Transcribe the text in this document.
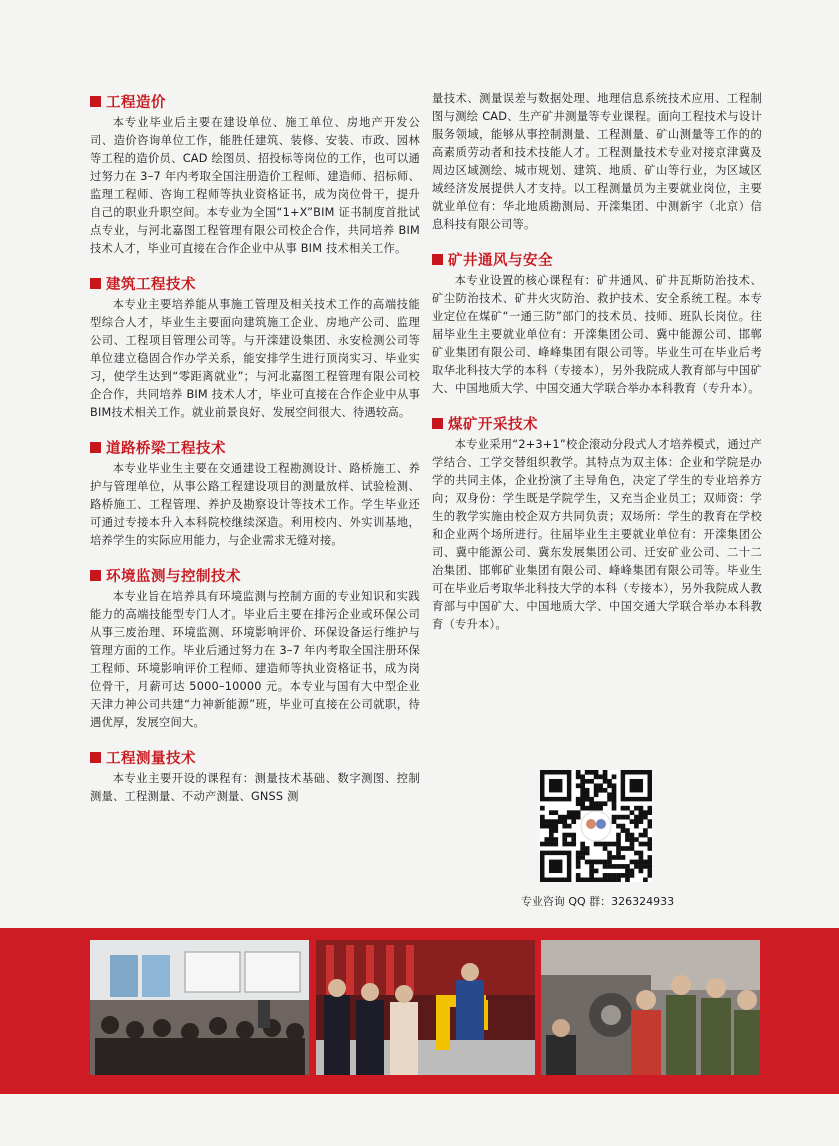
工程造价

本专业毕业后主要在建设单位、施工单位、房地产开发公司、造价咨询单位工作，能胜任建筑、装修、安装、市政、园林等工程的造价员、CAD 绘图员、招投标等岗位的工作，也可以通过努力在 3–7 年内考取全国注册造价工程师、建造师、招标师、监理工程师、咨询工程师等执业资格证书，成为岗位骨干，提升自己的职业升职空间。本专业为全国“1+X”BIM 证书制度首批试点专业，与河北嘉图工程管理有限公司校企合作，共同培养 BIM 技术人才，毕业可直接在合作企业中从事 BIM 技术相关工作。

建筑工程技术

本专业主要培养能从事施工管理及相关技术工作的高端技能型综合人才，毕业生主要面向建筑施工企业、房地产公司、监理公司、工程项目管理公司等。与开滦建设集团、永安检测公司等单位建立稳固合作办学关系，能安排学生进行顶岗实习、毕业实习，使学生达到“零距离就业”；与河北嘉图工程管理有限公司校企合作，共同培养 BIM 技术人才，毕业可直接在合作企业中从事BIM技术相关工作。就业前景良好、发展空间很大、待遇较高。

道路桥梁工程技术

本专业毕业生主要在交通建设工程勘测设计、路桥施工、养护与管理单位，从事公路工程建设项目的测量放样、试验检测、路桥施工、工程管理、养护及勘察设计等技术工作。学生毕业还可通过专接本升入本科院校继续深造。利用校内、外实训基地，培养学生的实际应用能力，与企业需求无缝对接。

环境监测与控制技术

本专业旨在培养具有环境监测与控制方面的专业知识和实践能力的高端技能型专门人才。毕业后主要在排污企业或环保公司从事三废治理、环境监测、环境影响评价、环保设备运行维护与管理方面的工作。毕业后通过努力在 3–7 年内考取全国注册环保工程师、环境影响评价工程师、建造师等执业资格证书，成为岗位骨干，月薪可达 5000–10000 元。本专业与国有大中型企业天津力神公司共建“力神新能源”班，毕业可直接在公司就职，待遇优厚，发展空间大。

工程测量技术

本专业主要开设的课程有：测量技术基础、数字测图、控制测量、工程测量、不动产测量、GNSS 测

量技术、测量误差与数据处理、地理信息系统技术应用、工程制图与测绘 CAD、生产矿井测量等专业课程。面向工程技术与设计服务领域，能够从事控制测量、工程测量、矿山测量等工作的的高素质劳动者和技术技能人才。工程测量技术专业对接京津冀及周边区域测绘、城市规划、建筑、地质、矿山等行业，为区域区域经济发展提供人才支持。以工程测量员为主要就业岗位，主要就业单位有：华北地质勘测局、开滦集团、中测新宇（北京）信息科技有限公司等。

矿井通风与安全

本专业设置的核心课程有：矿井通风、矿井瓦斯防治技术、矿尘防治技术、矿井火灾防治、救护技术、安全系统工程。本专业定位在煤矿“一通三防”部门的技术员、技师、班队长岗位。往届毕业生主要就业单位有：开滦集团公司、冀中能源公司、邯郸矿业集团有限公司、峰峰集团有限公司等。毕业生可在毕业后考取华北科技大学的本科（专接本），另外我院成人教育部与中国矿大、中国地质大学、中国交通大学联合举办本科教育（专升本）。

煤矿开采技术

本专业采用“2+3+1”校企滚动分段式人才培养模式，通过产学结合、工学交替组织教学。其特点为双主体：企业和学院是办学的共同主体，企业扮演了主导角色，决定了学生的专业培养方向；双身份：学生既是学院学生，又充当企业员工；双师资：学生的教学实施由校企双方共同负责；双场所：学生的教育在学校和企业两个场所进行。往届毕业生主要就业单位有：开滦集团公司、冀中能源公司、冀东发展集团公司、迁安矿业公司、二十二冶集团、邯郸矿业集团有限公司、峰峰集团有限公司等。毕业生可在毕业后考取华北科技大学的本科（专接本），另外我院成人教育部与中国矿大、中国地质大学、中国交通大学联合举办本科教育（专升本）。

专业咨询 QQ 群：326324933
